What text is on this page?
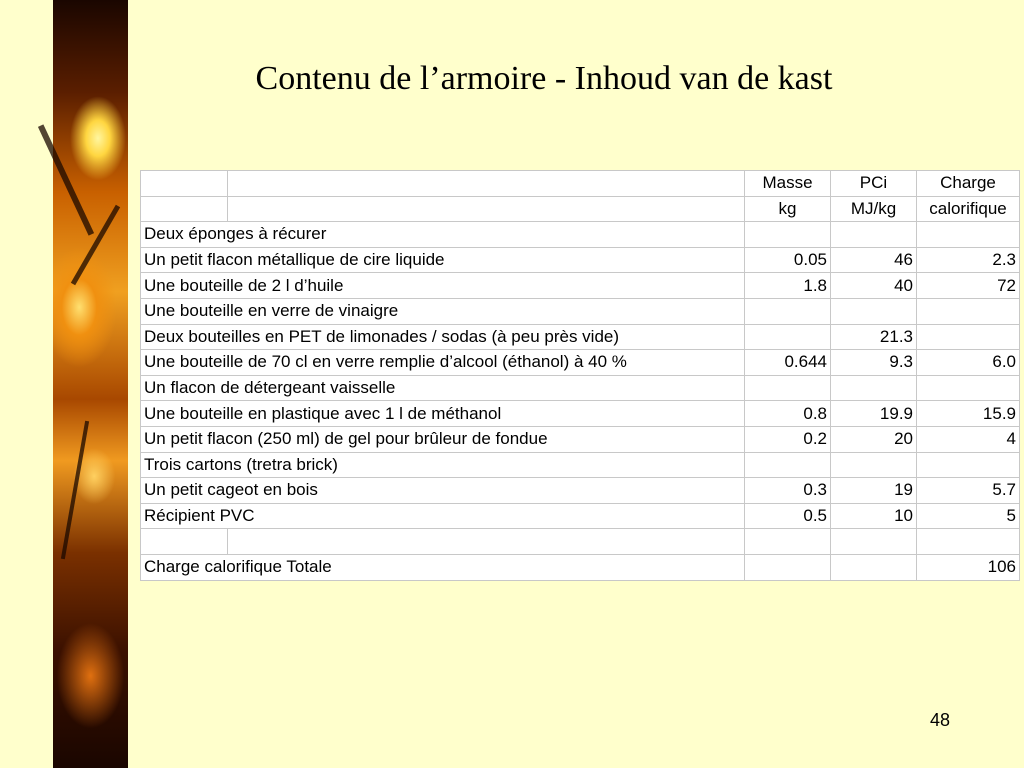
Contenu de l’armoire - Inhoud van de kast
		Masse	PCi	Charge
		kg	MJ/kg	calorifique
Deux éponges à récurer				
Un petit flacon métallique de cire liquide		0.05	46	2.3
Une bouteille de 2 l d’huile		1.8	40	72
Une bouteille en verre de vinaigre				
Deux bouteilles en PET de limonades / sodas (à peu près vide)			21.3	
Une bouteille de 70 cl en verre remplie d’alcool (éthanol) à 40 %		0.644	9.3	6.0
Un flacon de détergeant vaisselle				
Une bouteille en plastique avec 1 l de méthanol		0.8	19.9	15.9
Un petit flacon (250 ml) de gel pour brûleur de fondue		0.2	20	4
Trois cartons (tretra brick)				
Un petit cageot en bois		0.3	19	5.7
Récipient PVC		0.5	10	5

Charge calorifique Totale				106
48
